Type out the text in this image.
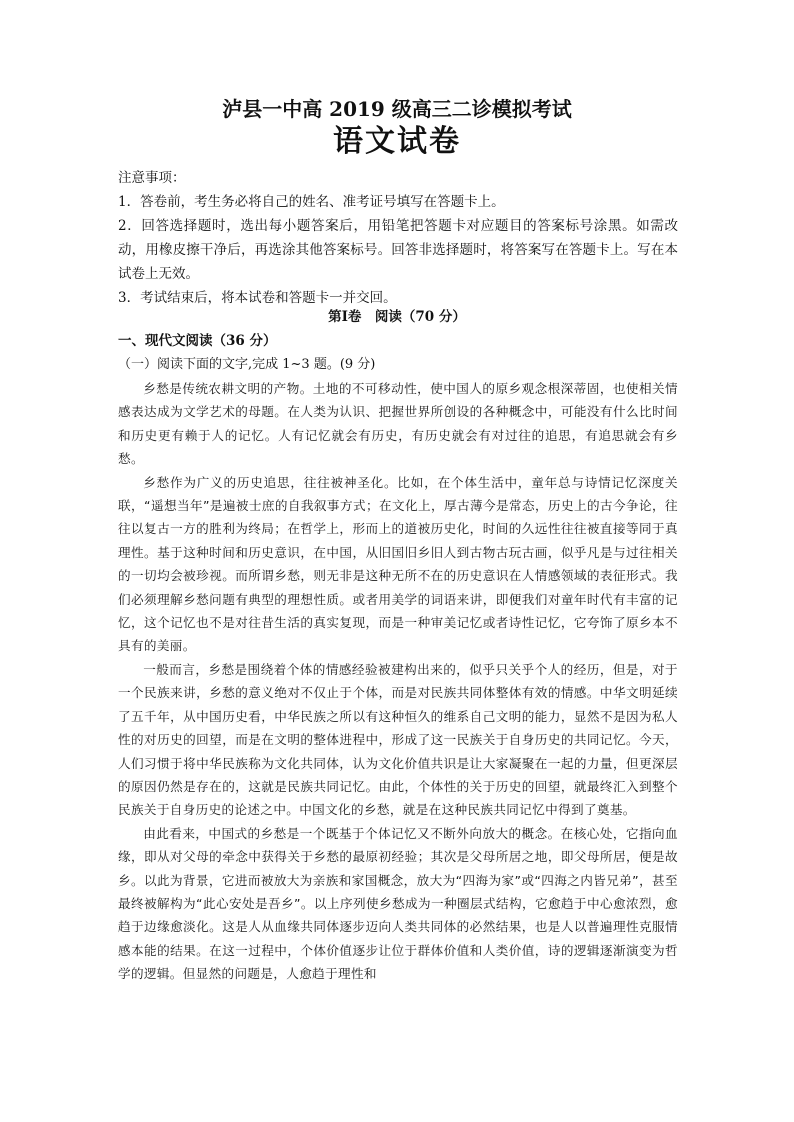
泸县一中高 2019 级高三二诊模拟考试
语文试卷

注意事项：

1．答卷前，考生务必将自己的姓名、准考证号填写在答题卡上。

2．回答选择题时，选出每小题答案后，用铅笔把答题卡对应题目的答案标号涂黑。如需改动，用橡皮擦干净后，再选涂其他答案标号。回答非选择题时，将答案写在答题卡上。写在本试卷上无效。

3．考试结束后，将本试卷和答题卡一并交回。

第Ⅰ卷　阅读（70 分）
一、现代文阅读（36 分）
（一）阅读下面的文字,完成 1~3 题。(9 分)

乡愁是传统农耕文明的产物。土地的不可移动性，使中国人的原乡观念根深蒂固，也使相关情感表达成为文学艺术的母题。在人类为认识、把握世界所创设的各种概念中，可能没有什么比时间和历史更有赖于人的记忆。人有记忆就会有历史，有历史就会有对过往的追思，有追思就会有乡愁。

乡愁作为广义的历史追思，往往被神圣化。比如，在个体生活中，童年总与诗情记忆深度关联，“遥想当年”是遍被士庶的自我叙事方式；在文化上，厚古薄今是常态，历史上的古今争论，往往以复古一方的胜利为终局；在哲学上，形而上的道被历史化，时间的久远性往往被直接等同于真理性。基于这种时间和历史意识，在中国，从旧国旧乡旧人到古物古玩古画，似乎凡是与过往相关的一切均会被珍视。而所谓乡愁，则无非是这种无所不在的历史意识在人情感领域的表征形式。我们必须理解乡愁问题有典型的理想性质。或者用美学的词语来讲，即便我们对童年时代有丰富的记忆，这个记忆也不是对往昔生活的真实复现，而是一种审美记忆或者诗性记忆，它夸饰了原乡本不具有的美丽。

一般而言，乡愁是围绕着个体的情感经验被建构出来的，似乎只关乎个人的经历，但是，对于一个民族来讲，乡愁的意义绝对不仅止于个体，而是对民族共同体整体有效的情感。中华文明延续了五千年，从中国历史看，中华民族之所以有这种恒久的维系自己文明的能力，显然不是因为私人性的对历史的回望，而是在文明的整体进程中，形成了这一民族关于自身历史的共同记忆。今天，人们习惯于将中华民族称为文化共同体，认为文化价值共识是让大家凝聚在一起的力量，但更深层的原因仍然是存在的，这就是民族共同记忆。由此，个体性的关于历史的回望，就最终汇入到整个民族关于自身历史的论述之中。中国文化的乡愁，就是在这种民族共同记忆中得到了奠基。

由此看来，中国式的乡愁是一个既基于个体记忆又不断外向放大的概念。在核心处，它指向血缘，即从对父母的牵念中获得关于乡愁的最原初经验；其次是父母所居之地，即父母所居，便是故乡。以此为背景，它进而被放大为亲族和家国概念，放大为“四海为家”或“四海之内皆兄弟”，甚至最终被解构为“此心安处是吾乡”。以上序列使乡愁成为一种圈层式结构，它愈趋于中心愈浓烈，愈趋于边缘愈淡化。这是人从血缘共同体逐步迈向人类共同体的必然结果，也是人以普遍理性克服情感本能的结果。在这一过程中，个体价值逐步让位于群体价值和人类价值，诗的逻辑逐渐演变为哲学的逻辑。但显然的问题是，人愈趋于理性和
